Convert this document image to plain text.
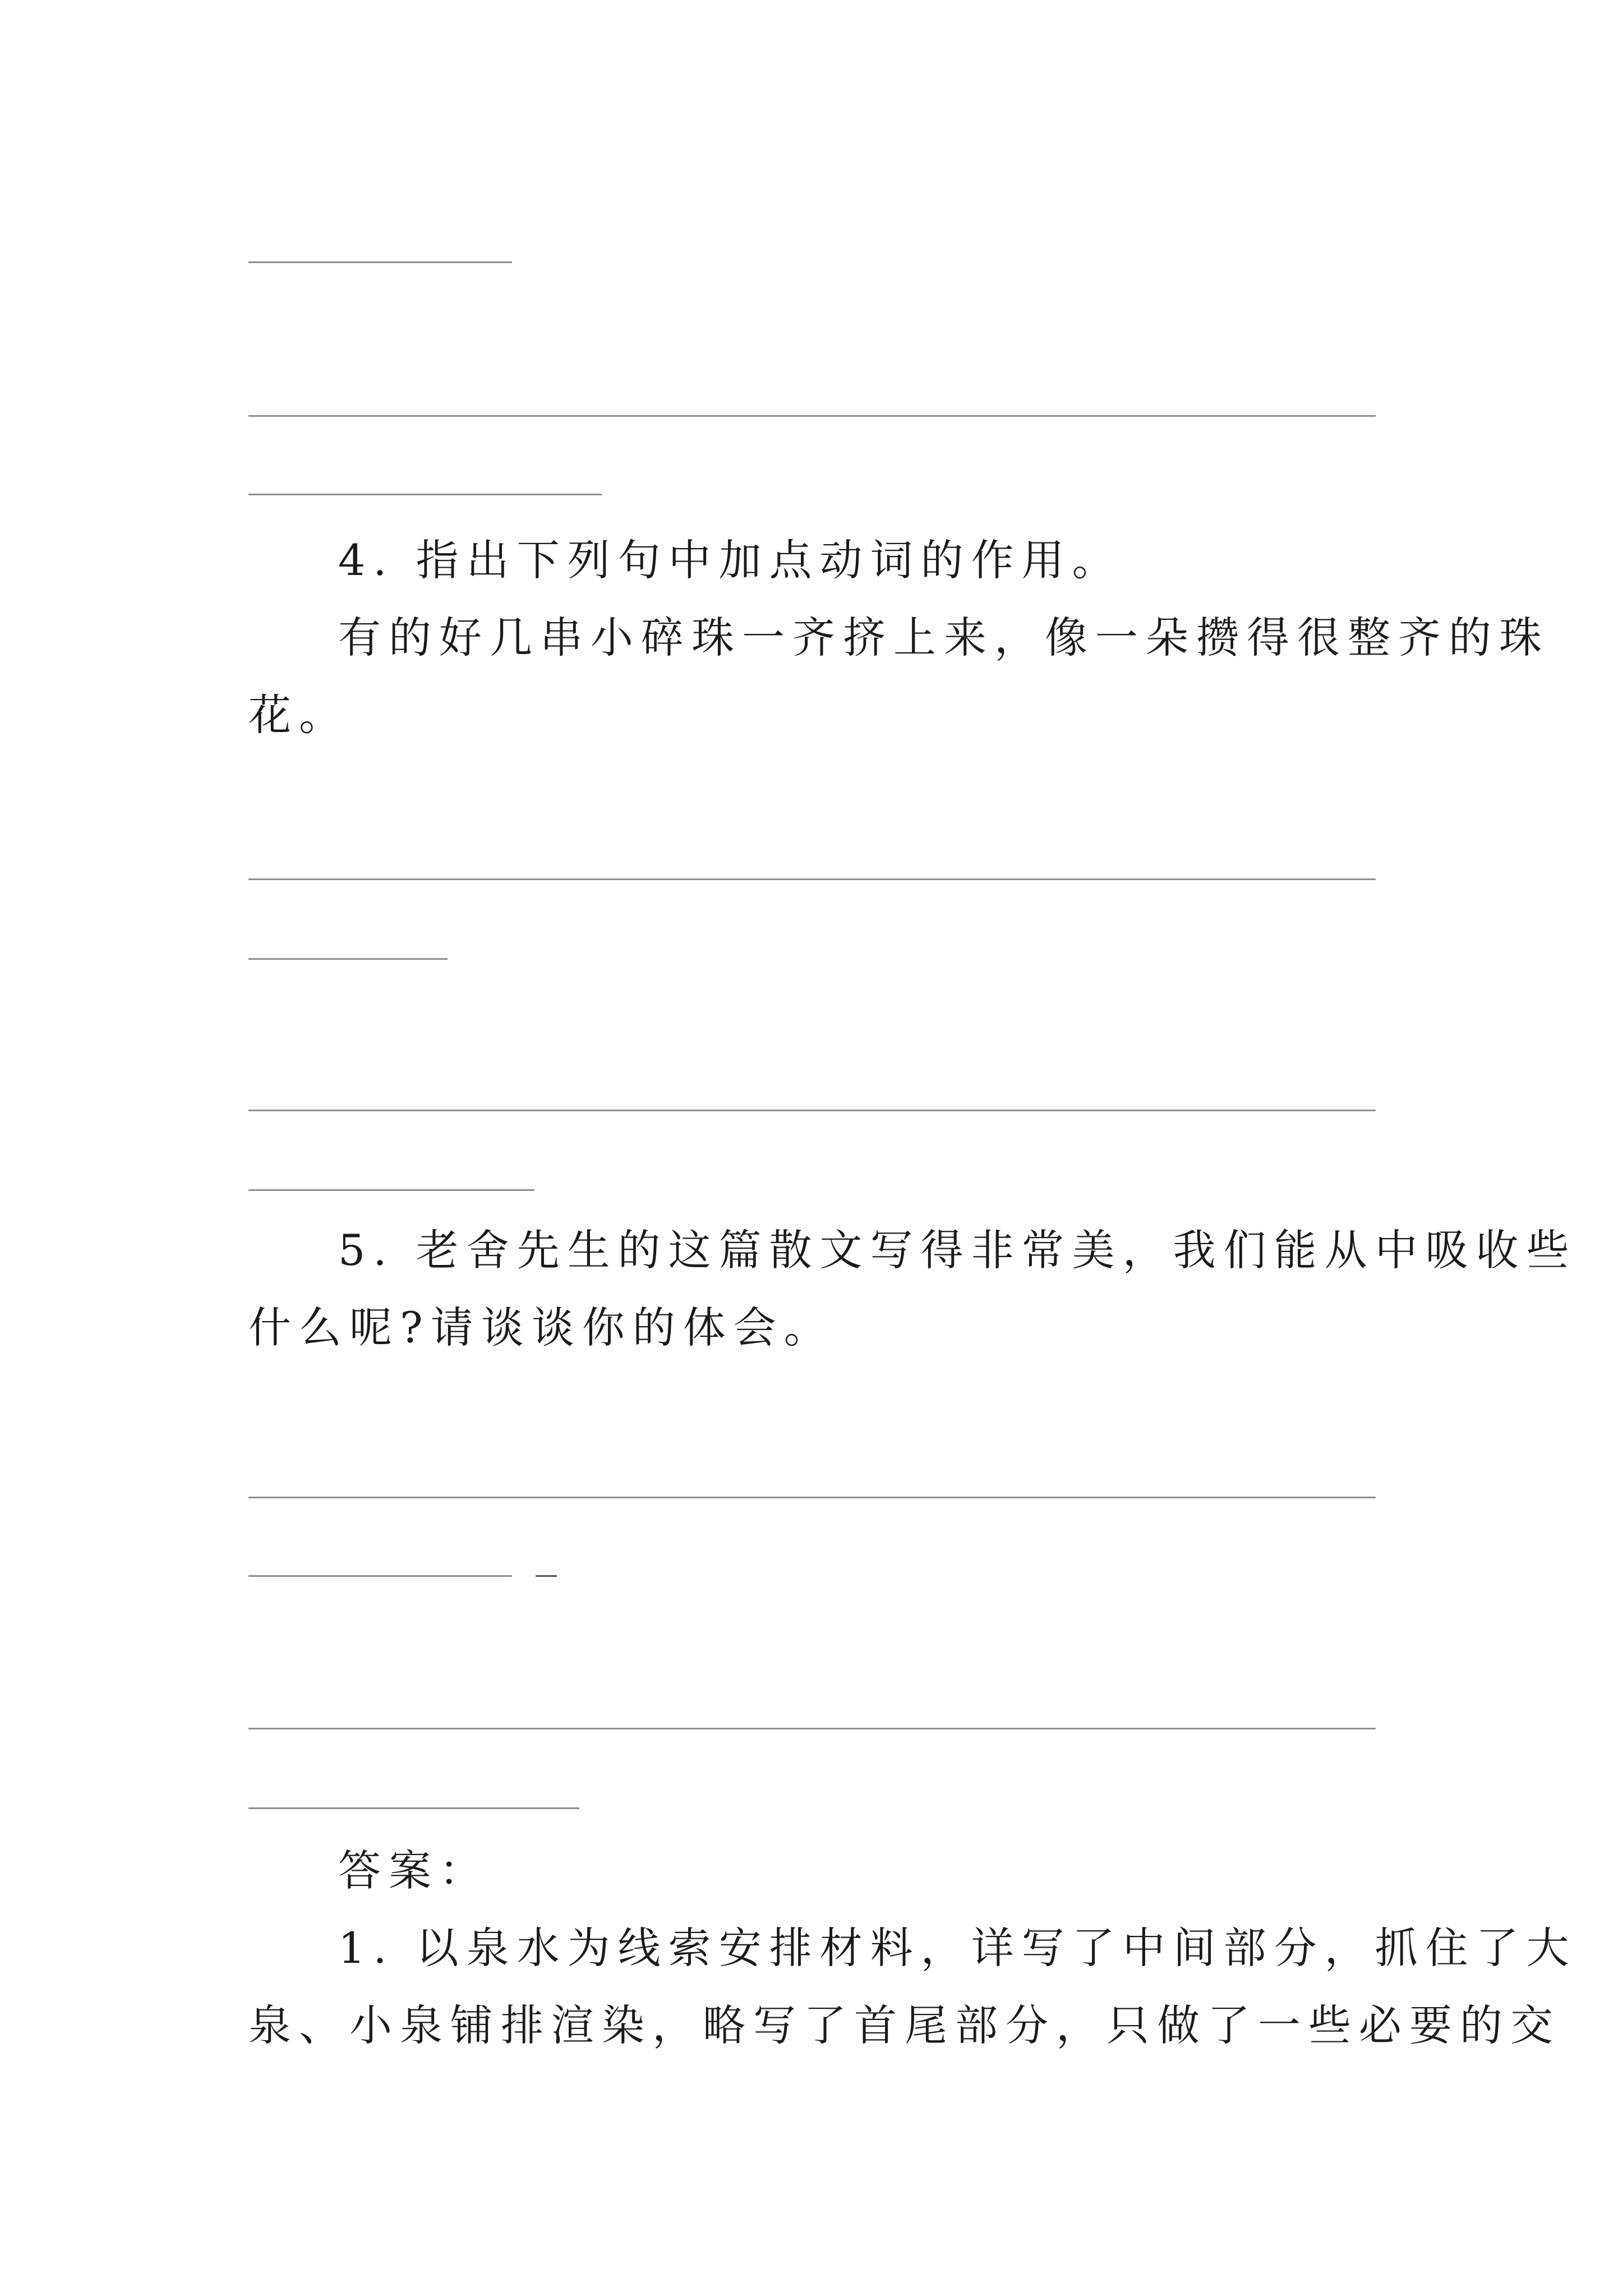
4. 指出下列句中加点动词的作用。

有的好几串小碎珠一齐挤上来，像一朵攒得很整齐的珠

花。

5. 老舍先生的这篇散文写得非常美，我们能从中吸收些

什么呢?请谈谈你的体会。

答案：

1. 以泉水为线索安排材料，详写了中间部分，抓住了大

泉、小泉铺排渲染，略写了首尾部分，只做了一些必要的交
